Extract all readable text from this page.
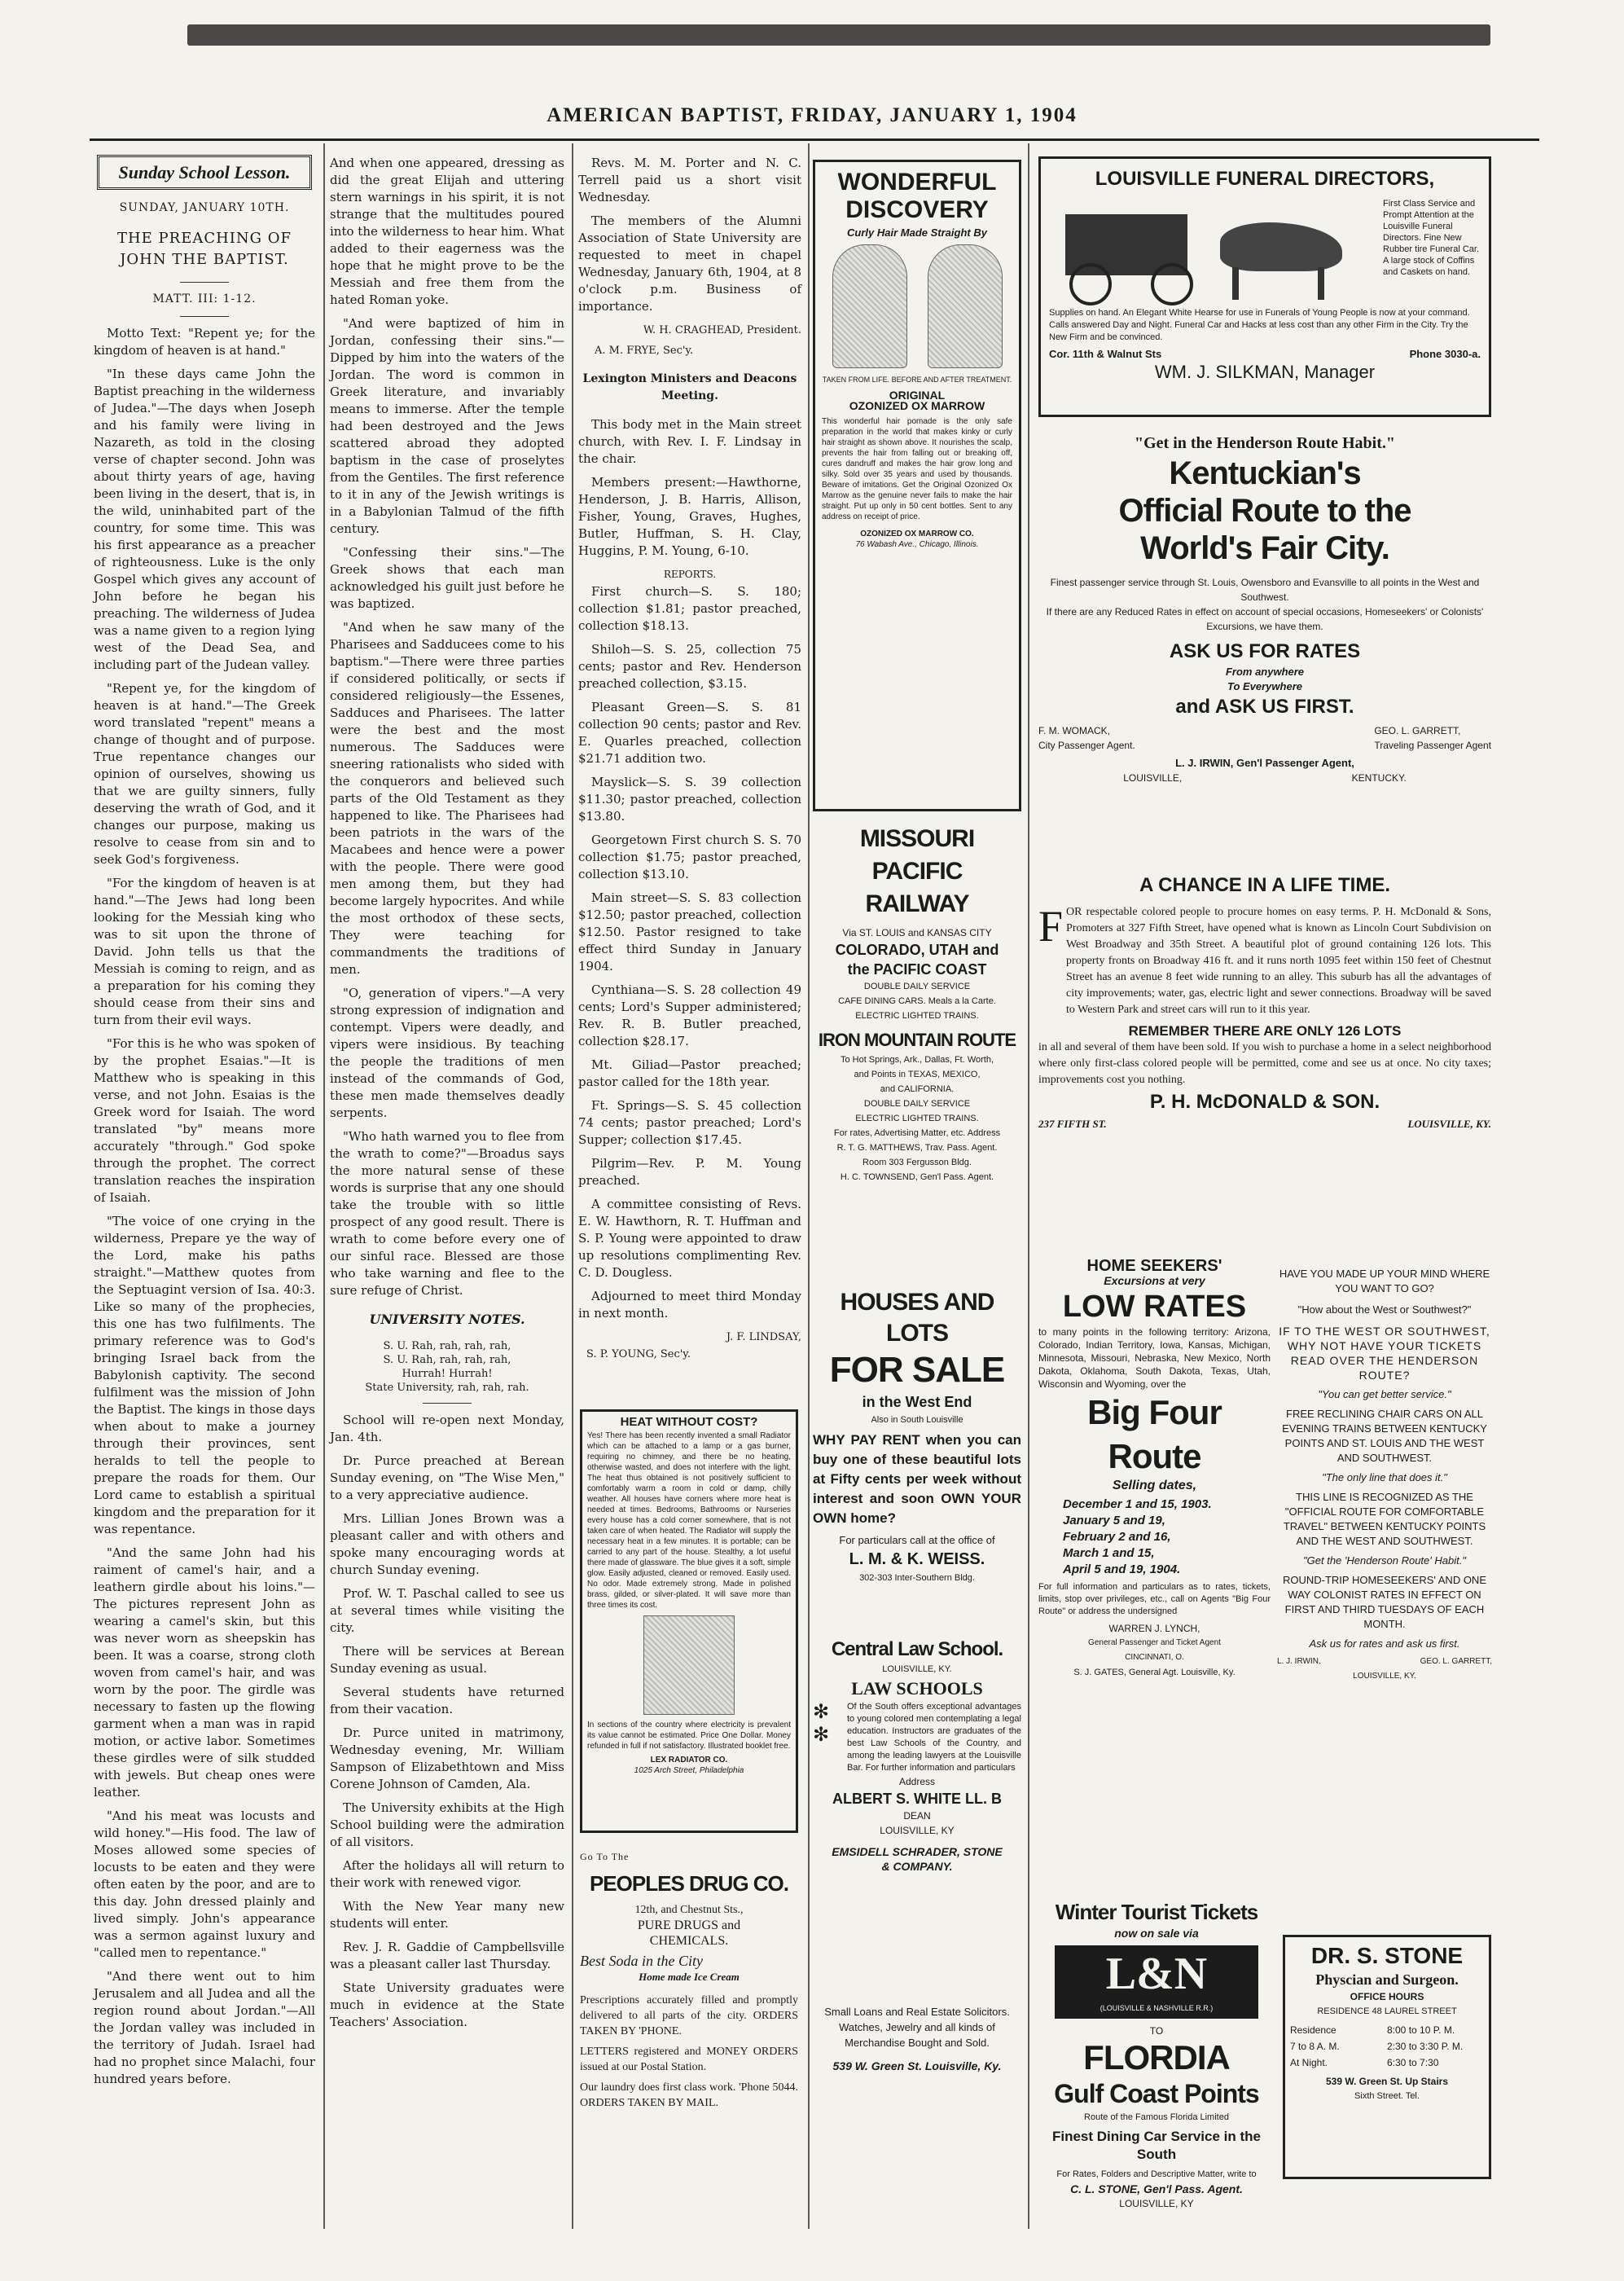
AMERICAN BAPTIST, FRIDAY, JANUARY 1, 1904
Sunday School Lesson.
SUNDAY, JANUARY 10TH.
THE PREACHING OF JOHN THE BAPTIST.
MATT. III: 1-12.

Motto Text: "Repent ye; for the kingdom of heaven is at hand."

"In these days came John the Baptist preaching in the wilderness of Judea."—The days when Joseph and his family were living in Nazareth, as told in the closing verse of chapter second. John was about thirty years of age, having been living in the desert, that is, in the wild, uninhabited part of the country, for some time. This was his first appearance as a preacher of righteousness. Luke is the only Gospel which gives any account of John before he began his preaching. The wilderness of Judea was a name given to a region lying west of the Dead Sea, and including part of the Judean valley.

"Repent ye, for the kingdom of heaven is at hand."—The Greek word translated "repent" means a change of thought and of purpose. True repentance changes our opinion of ourselves, showing us that we are guilty sinners, fully deserving the wrath of God, and it changes our purpose, making us resolve to cease from sin and to seek God's forgiveness.

"For the kingdom of heaven is at hand."—The Jews had long been looking for the Messiah king who was to sit upon the throne of David. John tells us that the Messiah is coming to reign, and as a preparation for his coming they should cease from their sins and turn from their evil ways.

"For this is he who was spoken of by the prophet Esaias."—It is Matthew who is speaking in this verse, and not John. Esaias is the Greek word for Isaiah. The word translated "by" means more accurately "through." God spoke through the prophet. The correct translation reaches the inspiration of Isaiah.

"The voice of one crying in the wilderness, Prepare ye the way of the Lord, make his paths straight."—Matthew quotes from the Septuagint version of Isa. 40:3. Like so many of the prophecies, this one has two fulfilments. The primary reference was to God's bringing Israel back from the Babylonish captivity. The second fulfilment was the mission of John the Baptist. The kings in those days when about to make a journey through their provinces, sent heralds to tell the people to prepare the roads for them. Our Lord came to establish a spiritual kingdom and the preparation for it was repentance.

"And the same John had his raiment of camel's hair, and a leathern girdle about his loins."—The pictures represent John as wearing a camel's skin, but this was never worn as sheepskin has been. It was a coarse, strong cloth woven from camel's hair, and was worn by the poor. The girdle was necessary to fasten up the flowing garment when a man was in rapid motion, or active labor. Sometimes these girdles were of silk studded with jewels. But cheap ones were leather.

"And his meat was locusts and wild honey."—His food. The law of Moses allowed some species of locusts to be eaten and they were often eaten by the poor, and are to this day. John dressed plainly and lived simply. John's appearance was a sermon against luxury and "called men to repentance."

"And there went out to him Jerusalem and all Judea and all the region round about Jordan."—All the Jordan valley was included in the territory of Judah. Israel had had no prophet since Malachi, four hundred years before.

And when one appeared, dressing as did the great Elijah and uttering stern warnings in his spirit, it is not strange that the multitudes poured into the wilderness to hear him. What added to their eagerness was the hope that he might prove to be the Messiah and free them from the hated Roman yoke.

"And were baptized of him in Jordan, confessing their sins."—Dipped by him into the waters of the Jordan. The word is common in Greek literature, and invariably means to immerse. After the temple had been destroyed and the Jews scattered abroad they adopted baptism in the case of proselytes from the Gentiles. The first reference to it in any of the Jewish writings is in a Babylonian Talmud of the fifth century.

"Confessing their sins."—The Greek shows that each man acknowledged his guilt just before he was baptized.

"And when he saw many of the Pharisees and Sadducees come to his baptism."—There were three parties if considered politically, or sects if considered religiously—the Essenes, Sadduces and Pharisees. The latter were the best and the most numerous. The Sadduces were sneering rationalists who sided with the conquerors and believed such parts of the Old Testament as they happened to like. The Pharisees had been patriots in the wars of the Macabees and hence were a power with the people. There were good men among them, but they had become largely hypocrites. And while the most orthodox of these sects, They were teaching for commandments the traditions of men.

"O, generation of vipers."—A very strong expression of indignation and contempt. Vipers were deadly, and vipers were insidious. By teaching the people the traditions of men instead of the commands of God, these men made themselves deadly serpents.

"Who hath warned you to flee from the wrath to come?"—Broadus says the more natural sense of these words is surprise that any one should take the trouble with so little prospect of any good result. There is wrath to come before every one of our sinful race. Blessed are those who take warning and flee to the sure refuge of Christ.

UNIVERSITY NOTES.
S. U. Rah, rah, rah, rah,
S. U. Rah, rah, rah, rah,
Hurrah! Hurrah!
State University, rah, rah, rah.

School will re-open next Monday, Jan. 4th.

Dr. Purce preached at Berean Sunday evening, on "The Wise Men," to a very appreciative audience.

Mrs. Lillian Jones Brown was a pleasant caller and with others and spoke many encouraging words at church Sunday evening.

Prof. W. T. Paschal called to see us at several times while visiting the city.

There will be services at Berean Sunday evening as usual.

Several students have returned from their vacation.

Dr. Purce united in matrimony, Wednesday evening, Mr. William Sampson of Elizabethtown and Miss Corene Johnson of Camden, Ala.

The University exhibits at the High School building were the admiration of all visitors.

After the holidays all will return to their work with renewed vigor.

With the New Year many new students will enter.

Rev. J. R. Gaddie of Campbellsville was a pleasant caller last Thursday.

State University graduates were much in evidence at the State Teachers' Association.

Revs. M. M. Porter and N. C. Terrell paid us a short visit Wednesday.

The members of the Alumni Association of State University are requested to meet in chapel Wednesday, January 6th, 1904, at 8 o'clock p.m. Business of importance.

W. H. CRAGHEAD, President.
A. M. FRYE, Sec'y.
Lexington Ministers and Deacons Meeting.

This body met in the Main street church, with Rev. I. F. Lindsay in the chair.

Members present:—Hawthorne, Henderson, J. B. Harris, Allison, Fisher, Young, Graves, Hughes, Butler, Huffman, S. H. Clay, Huggins, P. M. Young, 6-10.

REPORTS.

First church—S. S. 180; collection $1.81; pastor preached, collection $18.13.

Shiloh—S. S. 25, collection 75 cents; pastor and Rev. Henderson preached collection, $3.15.

Pleasant Green—S. S. 81 collection 90 cents; pastor and Rev. E. Quarles preached, collection $21.71 addition two.

Mayslick—S. S. 39 collection $11.30; pastor preached, collection $13.80.

Georgetown First church S. S. 70 collection $1.75; pastor preached, collection $13.10.

Main street—S. S. 83 collection $12.50; pastor preached, collection $12.50. Pastor resigned to take effect third Sunday in January 1904.

Cynthiana—S. S. 28 collection 49 cents; Lord's Supper administered; Rev. R. B. Butler preached, collection $28.17.

Mt. Giliad—Pastor preached; pastor called for the 18th year.

Ft. Springs—S. S. 45 collection 74 cents; pastor preached; Lord's Supper; collection $17.45.

Pilgrim—Rev. P. M. Young preached.

A committee consisting of Revs. E. W. Hawthorn, R. T. Huffman and S. P. Young were appointed to draw up resolutions complimenting Rev. C. D. Dougless.

Adjourned to meet third Monday in next month.

J. F. LINDSAY,
S. P. YOUNG, Sec'y.
HEAT WITHOUT COST?
Yes! There has been recently invented a small Radiator which can be attached to a lamp or a gas burner, requiring no chimney, and there be no heating, otherwise wasted, and does not interfere with the light. The heat thus obtained is not positively sufficient to comfortably warm a room in cold or damp, chilly weather. All houses have corners where more heat is needed at times. Bedrooms, Bathrooms or Nurseries every house has a cold corner somewhere, that is not taken care of when heated. The Radiator will supply the necessary heat in a few minutes. It is portable; can be carried to any part of the house. Stealthy, a lot useful there made of glassware. The blue gives it a soft, simple glow. Easily adjusted, cleaned or removed. Easily used. No odor. Made extremely strong. Made in polished brass, gilded, or silver-plated. It will save more than three times its cost.
In sections of the country where electricity is prevalent its value cannot be estimated. Price One Dollar. Money refunded in full if not satisfactory. Illustrated booklet free.
LEX RADIATOR CO.
1025 Arch Street, Philadelphia
Go To The
PEOPLES DRUG CO.
12th, and Chestnut Sts.,
PURE DRUGS and
CHEMICALS.
Best Soda in the City
Home made Ice Cream

Prescriptions accurately filled and promptly delivered to all parts of the city. ORDERS TAKEN BY 'PHONE.

LETTERS registered and MONEY ORDERS issued at our Postal Station.

Our laundry does first class work. 'Phone 5044. ORDERS TAKEN BY MAIL.

WONDERFUL
DISCOVERY
Curly Hair Made Straight By
TAKEN FROM LIFE. BEFORE AND AFTER TREATMENT.
ORIGINAL
OZONIZED OX MARROW
This wonderful hair pomade is the only safe preparation in the world that makes kinky or curly hair straight as shown above. It nourishes the scalp, prevents the hair from falling out or breaking off, cures dandruff and makes the hair grow long and silky. Sold over 35 years and used by thousands. Beware of imitations. Get the Original Ozonized Ox Marrow as the genuine never fails to make the hair straight. Put up only in 50 cent bottles. Sent to any address on receipt of price.
OZONIZED OX MARROW CO.
76 Wabash Ave., Chicago, Illinois.
MISSOURI
PACIFIC
RAILWAY
Via ST. LOUIS and KANSAS CITY
COLORADO, UTAH and
the PACIFIC COAST
DOUBLE DAILY SERVICE
CAFE DINING CARS. Meals a la Carte.
ELECTRIC LIGHTED TRAINS.
IRON MOUNTAIN ROUTE
To Hot Springs, Ark., Dallas, Ft. Worth,
and Points in TEXAS, MEXICO,
and CALIFORNIA.
DOUBLE DAILY SERVICE
ELECTRIC LIGHTED TRAINS.
For rates, Advertising Matter, etc. Address
R. T. G. MATTHEWS, Trav. Pass. Agent.
Room 303 Fergusson Bldg.
H. C. TOWNSEND, Gen'l Pass. Agent.
HOUSES AND LOTS
FOR SALE
in the West End
Also in South Louisville
WHY PAY RENT when you can buy one of these beautiful lots at Fifty cents per week without interest and soon OWN YOUR OWN home?
For particulars call at the office of
L. M. & K. WEISS.
302-303 Inter-Southern Bldg.
Central Law School.
LOUISVILLE, KY.
LAW SCHOOLS
✻
✻
Of the South offers exceptional advantages to young colored men contemplating a legal education. Instructors are graduates of the best Law Schools of the Country, and among the leading lawyers at the Louisville Bar. For further information and particulars
Address
ALBERT S. WHITE LL. B
DEAN
LOUISVILLE, KY
EMSIDELL SCHRADER, STONE
& COMPANY.
Small Loans and Real Estate Solicitors. Watches, Jewelry and all kinds of Merchandise Bought and Sold.
539 W. Green St. Louisville, Ky.
LOUISVILLE FUNERAL DIRECTORS,
First Class Service and Prompt Attention at the Louisville Funeral Directors. Fine New Rubber tire Funeral Car. A large stock of Coffins and Caskets on hand.
Supplies on hand. An Elegant White Hearse for use in Funerals of Young People is now at your command.
Calls answered Day and Night. Funeral Car and Hacks at less cost than any other Firm in the City. Try the New Firm and be convinced.
Cor. 11th & Walnut Sts	Phone 3030-a.
WM. J. SILKMAN, Manager
"Get in the Henderson Route Habit."
Kentuckian's
Official Route to the
World's Fair City.
Finest passenger service through St. Louis, Owensboro and Evansville to all points in the West and Southwest.
If there are any Reduced Rates in effect on account of special occasions, Homeseekers' or Colonists' Excursions, we have them.
ASK US FOR RATES
From anywhere
To Everywhere
and ASK US FIRST.
F. M. WOMACK,
City Passenger Agent.
GEO. L. GARRETT,
Traveling Passenger Agent
L. J. IRWIN, Gen'l Passenger Agent,
LOUISVILLE,	KENTUCKY.
A CHANCE IN A LIFE TIME.
F OR respectable colored people to procure homes on easy terms. P. H. McDonald & Sons, Promoters at 327 Fifth Street, have opened what is known as Lincoln Court Subdivision on West Broadway and 35th Street. A beautiful plot of ground containing 126 lots. This property fronts on Broadway 416 ft. and it runs north 1095 feet within 150 feet of Chestnut Street has an avenue 8 feet wide running to an alley. This suburb has all the advantages of city improvements; water, gas, electric light and sewer connections. Broadway will be saved to Western Park and street cars will run to it this year.
REMEMBER THERE ARE ONLY 126 LOTS
in all and several of them have been sold. If you wish to purchase a home in a select neighborhood where only first-class colored people will be permitted, come and see us at once. No city taxes; improvements cost you nothing.
P. H. McDONALD & SON.
237 FIFTH ST.	LOUISVILLE, KY.
HOME SEEKERS'
Excursions at very
LOW RATES
to many points in the following territory: Arizona, Colorado, Indian Territory, Iowa, Kansas, Michigan, Minnesota, Missouri, Nebraska, New Mexico, North Dakota, Oklahoma, South Dakota, Texas, Utah, Wisconsin and Wyoming, over the
Big Four Route
Selling dates,
December 1 and 15, 1903.
January 5 and 19,
February 2 and 16,
March 1 and 15,
April 5 and 19, 1904.
For full information and particulars as to rates, tickets, limits, stop over privileges, etc., call on Agents "Big Four Route" or address the undersigned
WARREN J. LYNCH,
General Passenger and Ticket Agent
CINCINNATI, O.
S. J. GATES, General Agt. Louisville, Ky.
HAVE YOU MADE UP YOUR MIND WHERE YOU WANT TO GO?
"How about the West or Southwest?"
IF TO THE WEST OR SOUTHWEST, WHY NOT HAVE YOUR TICKETS READ OVER THE HENDERSON ROUTE?
"You can get better service."
FREE RECLINING CHAIR CARS ON ALL EVENING TRAINS BETWEEN KENTUCKY POINTS AND ST. LOUIS AND THE WEST AND SOUTHWEST.
"The only line that does it."
THIS LINE IS RECOGNIZED AS THE "OFFICIAL ROUTE FOR COMFORTABLE TRAVEL" BETWEEN KENTUCKY POINTS AND THE WEST AND SOUTHWEST.
"Get the 'Henderson Route' Habit."
ROUND-TRIP HOMESEEKERS' AND ONE WAY COLONIST RATES IN EFFECT ON FIRST AND THIRD TUESDAYS OF EACH MONTH.
Ask us for rates and ask us first.
L. J. IRWIN,	GEO. L. GARRETT,
LOUISVILLE, KY.
Winter Tourist Tickets
now on sale via
L&N
(LOUISVILLE & NASHVILLE R.R.)
TO
FLORDIA
Gulf Coast Points
Route of the Famous Florida Limited
Finest Dining Car Service in the South
For Rates, Folders and Descriptive Matter, write to
C. L. STONE, Gen'l Pass. Agent.
LOUISVILLE, KY
DR. S. STONE
Physcian and Surgeon.
OFFICE HOURS
RESIDENCE 48 LAUREL STREET
Residence	8:00 to 10 P. M.
7 to 8 A. M.	2:30 to 3:30 P. M.
At Night.	6:30 to 7:30
539 W. Green St. Up Stairs
Sixth Street. Tel.
